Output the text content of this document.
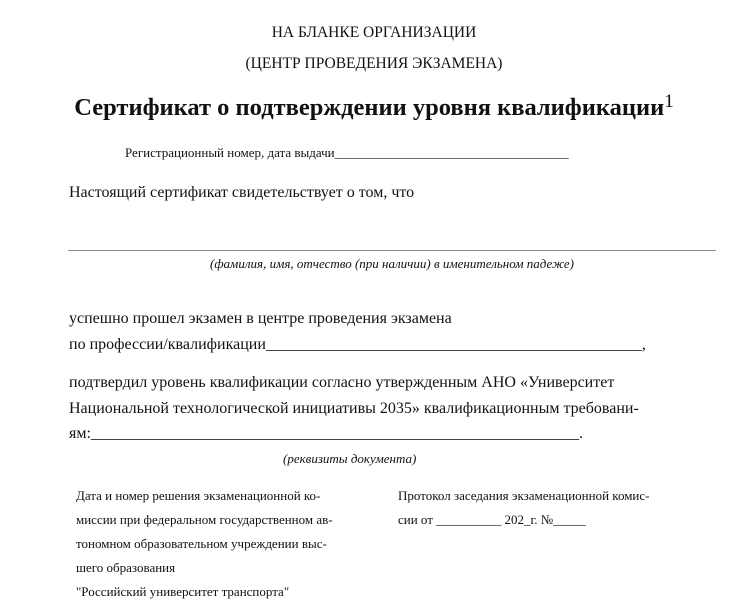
НА БЛАНКЕ ОРГАНИЗАЦИИ
(ЦЕНТР ПРОВЕДЕНИЯ ЭКЗАМЕНА)
Сертификат о подтверждении уровня квалификации$^1$
Регистрационный номер, дата выдачи____________________________________
Настоящий сертификат свидетельствует о том, что
(фамилия, имя, отчество (при наличии) в именительном падеже)
успешно прошел экзамен в центре проведения экзамена
по профессии/квалификации_______________________________________________,
подтвердил уровень квалификации согласно утвержденным АНО «Университет
Национальной технологической инициативы 2035» квалификационным требовани-
ям:_____________________________________________________________.
(реквизиты документа)
Дата и номер решения экзаменационной ко-
миссии при федеральном государственном ав-
тономном образовательном учреждении выс-
шего образования
"Российский университет транспорта"
Протокол заседания экзаменационной комис-
сии от __________ 202_г. №_____
